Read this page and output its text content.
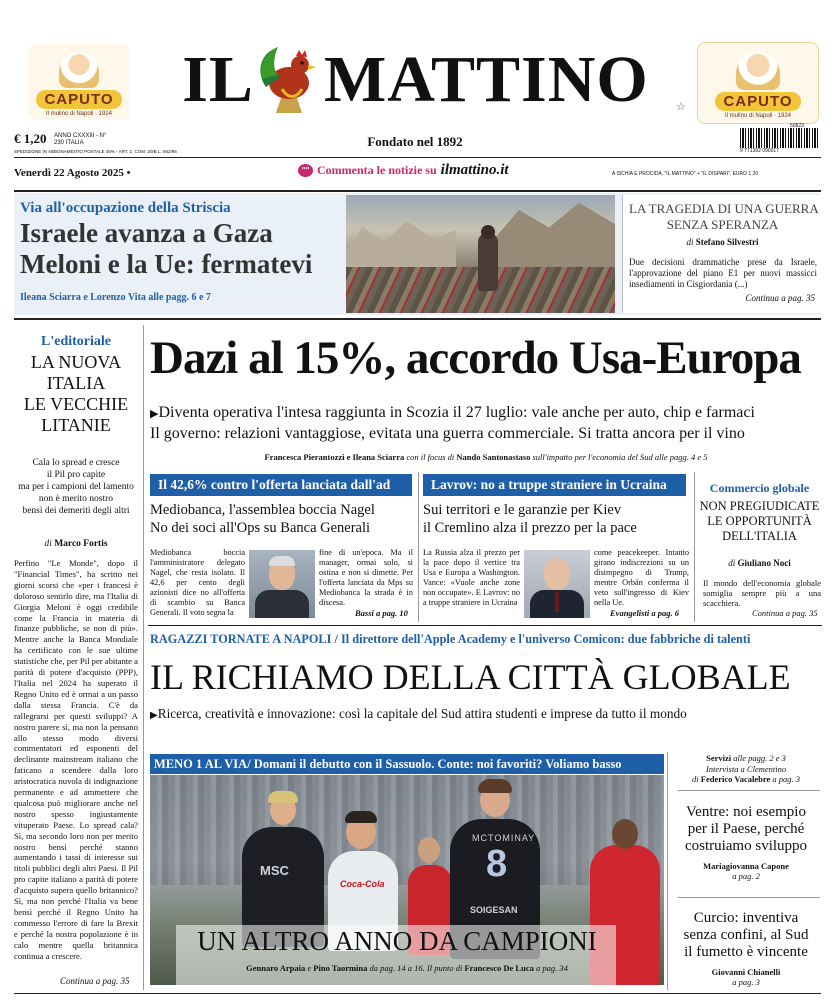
CAPUTO
Il mulino di Napoli · 1924 IL MATTINO ☆	CAPUTO
Il mulino di Napoli · 1924
€ 1,20 ANNO CXXXIII - N° 230 ITALIA
SPEDIZIONE IN ABBONAMENTO POSTALE 45% - ART. 2, COM. 20/B L. 662/96
Fondato nel 1892
9 771392 090017
50823
Venerdì 22 Agosto 2025 •	"" Commenta le notizie su ilmattino.it	A ISCHIA E PROCIDA, "IL MATTINO" + "IL DISPARI", EURO 1,20
Via all'occupazione della Striscia
Israele avanza a Gaza
Meloni e la Ue: fermatevi
Ileana Sciarra e Lorenzo Vita alle pagg. 6 e 7
LA TRAGEDIA DI UNA GUERRA
SENZA SPERANZA
di Stefano Silvestri
Due decisioni drammatiche prese da Israele, l'approvazione del piano E1 per nuovi massicci insediamenti in Cisgiordania (...)
Continua a pag. 35
L'editoriale
LA NUOVA
ITALIA
LE VECCHIE
LITANIE
Cala lo spread e cresce
il Pil pro capite
ma per i campioni del lamento
non è merito nostro
bensì dei demeriti degli altri
di Marco Fortis
Perfino "Le Monde", dopo il "Financial Times", ha scritto nei giorni scorsi che «per i francesi è doloroso sentirlo dire, ma l'Italia di Giorgia Meloni è oggi credibile come la Francia in materia di finanze pubbliche, se non di più». Mentre anche la Banca Mondiale ha certificato con le sue ultime statistiche che, per Pil per abitante a parità di potere d'acquisto (PPP), l'Italia nel 2024 ha superato il Regno Unito ed è ormai a un passo dalla stessa Francia. C'è da rallegrarsi per questi sviluppi? A nostro parere sì, ma non la pensano allo stesso modo diversi commentatori ed esponenti del declinante mainstream italiano che faticano a scendere dalla loro aristocratica nuvola di indignazione permanente e ad ammettere che qualcosa può migliorare anche nel nostro spesso ingiustamente vituperato Paese. Lo spread cala? Sì, ma secondo loro non per merito nostro bensì perché stanno aumentando i tassi di interesse sui titoli pubblici degli altri Paesi. Il Pil pro capite italiano a parità di potere d'acquisto supera quello britannico? Sì, ma non perché l'Italia va bene bensì perché il Regno Unito ha commesso l'errore di fare la Brexit e perché la nostra popolazione è in calo mentre quella britannica continua a crescere.
Continua a pag. 35
Dazi al 15%, accordo Usa-Europa
▶Diventa operativa l'intesa raggiunta in Scozia il 27 luglio: vale anche per auto, chip e farmaci
Il governo: relazioni vantaggiose, evitata una guerra commerciale. Si tratta ancora per il vino
Francesca Pierantozzi e Ileana Sciarra con il focus di Nando Santonastaso sull'impatto per l'economia del Sud alle pagg. 4 e 5
Il 42,6% contro l'offerta lanciata dall'ad
Mediobanca, l'assemblea boccia Nagel
No dei soci all'Ops su Banca Generali
Mediobanca boccia l'amministratore delegato Nagel, che resta isolato. Il 42,6 per cento degli azionisti dice no all'offerta di scambio su Banca Generali. Il voto segna la
fine di un'epoca. Ma il manager, ormai solo, si ostina e non si dimette. Per l'offerta lanciata da Mps su Mediobanca la strada è in discesa.
Bassi a pag. 10
Lavrov: no a truppe straniere in Ucraina
Sui territori e le garanzie per Kiev
il Cremlino alza il prezzo per la pace
La Russia alza il prezzo per la pace dopo il vertice tra Usa e Europa a Washington. Vance: «Vuole anche zone non occupate». E Lavrov: no a truppe straniere in Ucraina
come peacekeeper. Intanto girano indiscrezioni su un disimpegno di Trump, mentre Orbán conferma il veto sull'ingresso di Kiev nella Ue.
Evangelisti a pag. 6
Commercio globale
NON PREGIUDICATE
LE OPPORTUNITÀ
DELL'ITALIA
di Giuliano Noci
Il mondo dell'economia globale somiglia sempre più a una scacchiera.
Continua a pag. 35
RAGAZZI TORNATE A NAPOLI / Il direttore dell'Apple Academy e l'universo Comicon: due fabbriche di talenti
IL RICHIAMO DELLA CITTÀ GLOBALE
▶Ricerca, creatività e innovazione: così la capitale del Sud attira studenti e imprese da tutto il mondo
MENO 1 AL VIA/ Domani il debutto con il Sassuolo. Conte: noi favoriti? Voliamo basso
MSC
Coca-Cola
MCTOMINAY
8
SOIGESAN
UN ALTRO ANNO DA CAMPIONI
Gennaro Arpaia e Pino Taormina da pag. 14 a 16. Il punto di Francesco De Luca a pag. 34
Servizi alle pagg. 2 e 3
Intervista a Clementino
di Federico Vacalebre a pag. 3
Ventre: noi esempio
per il Paese, perché
costruiamo sviluppo
Mariagiovanna Capone
a pag. 2
Curcio: inventiva
senza confini, al Sud
il fumetto è vincente
Giovanni Chianelli
a pag. 3
